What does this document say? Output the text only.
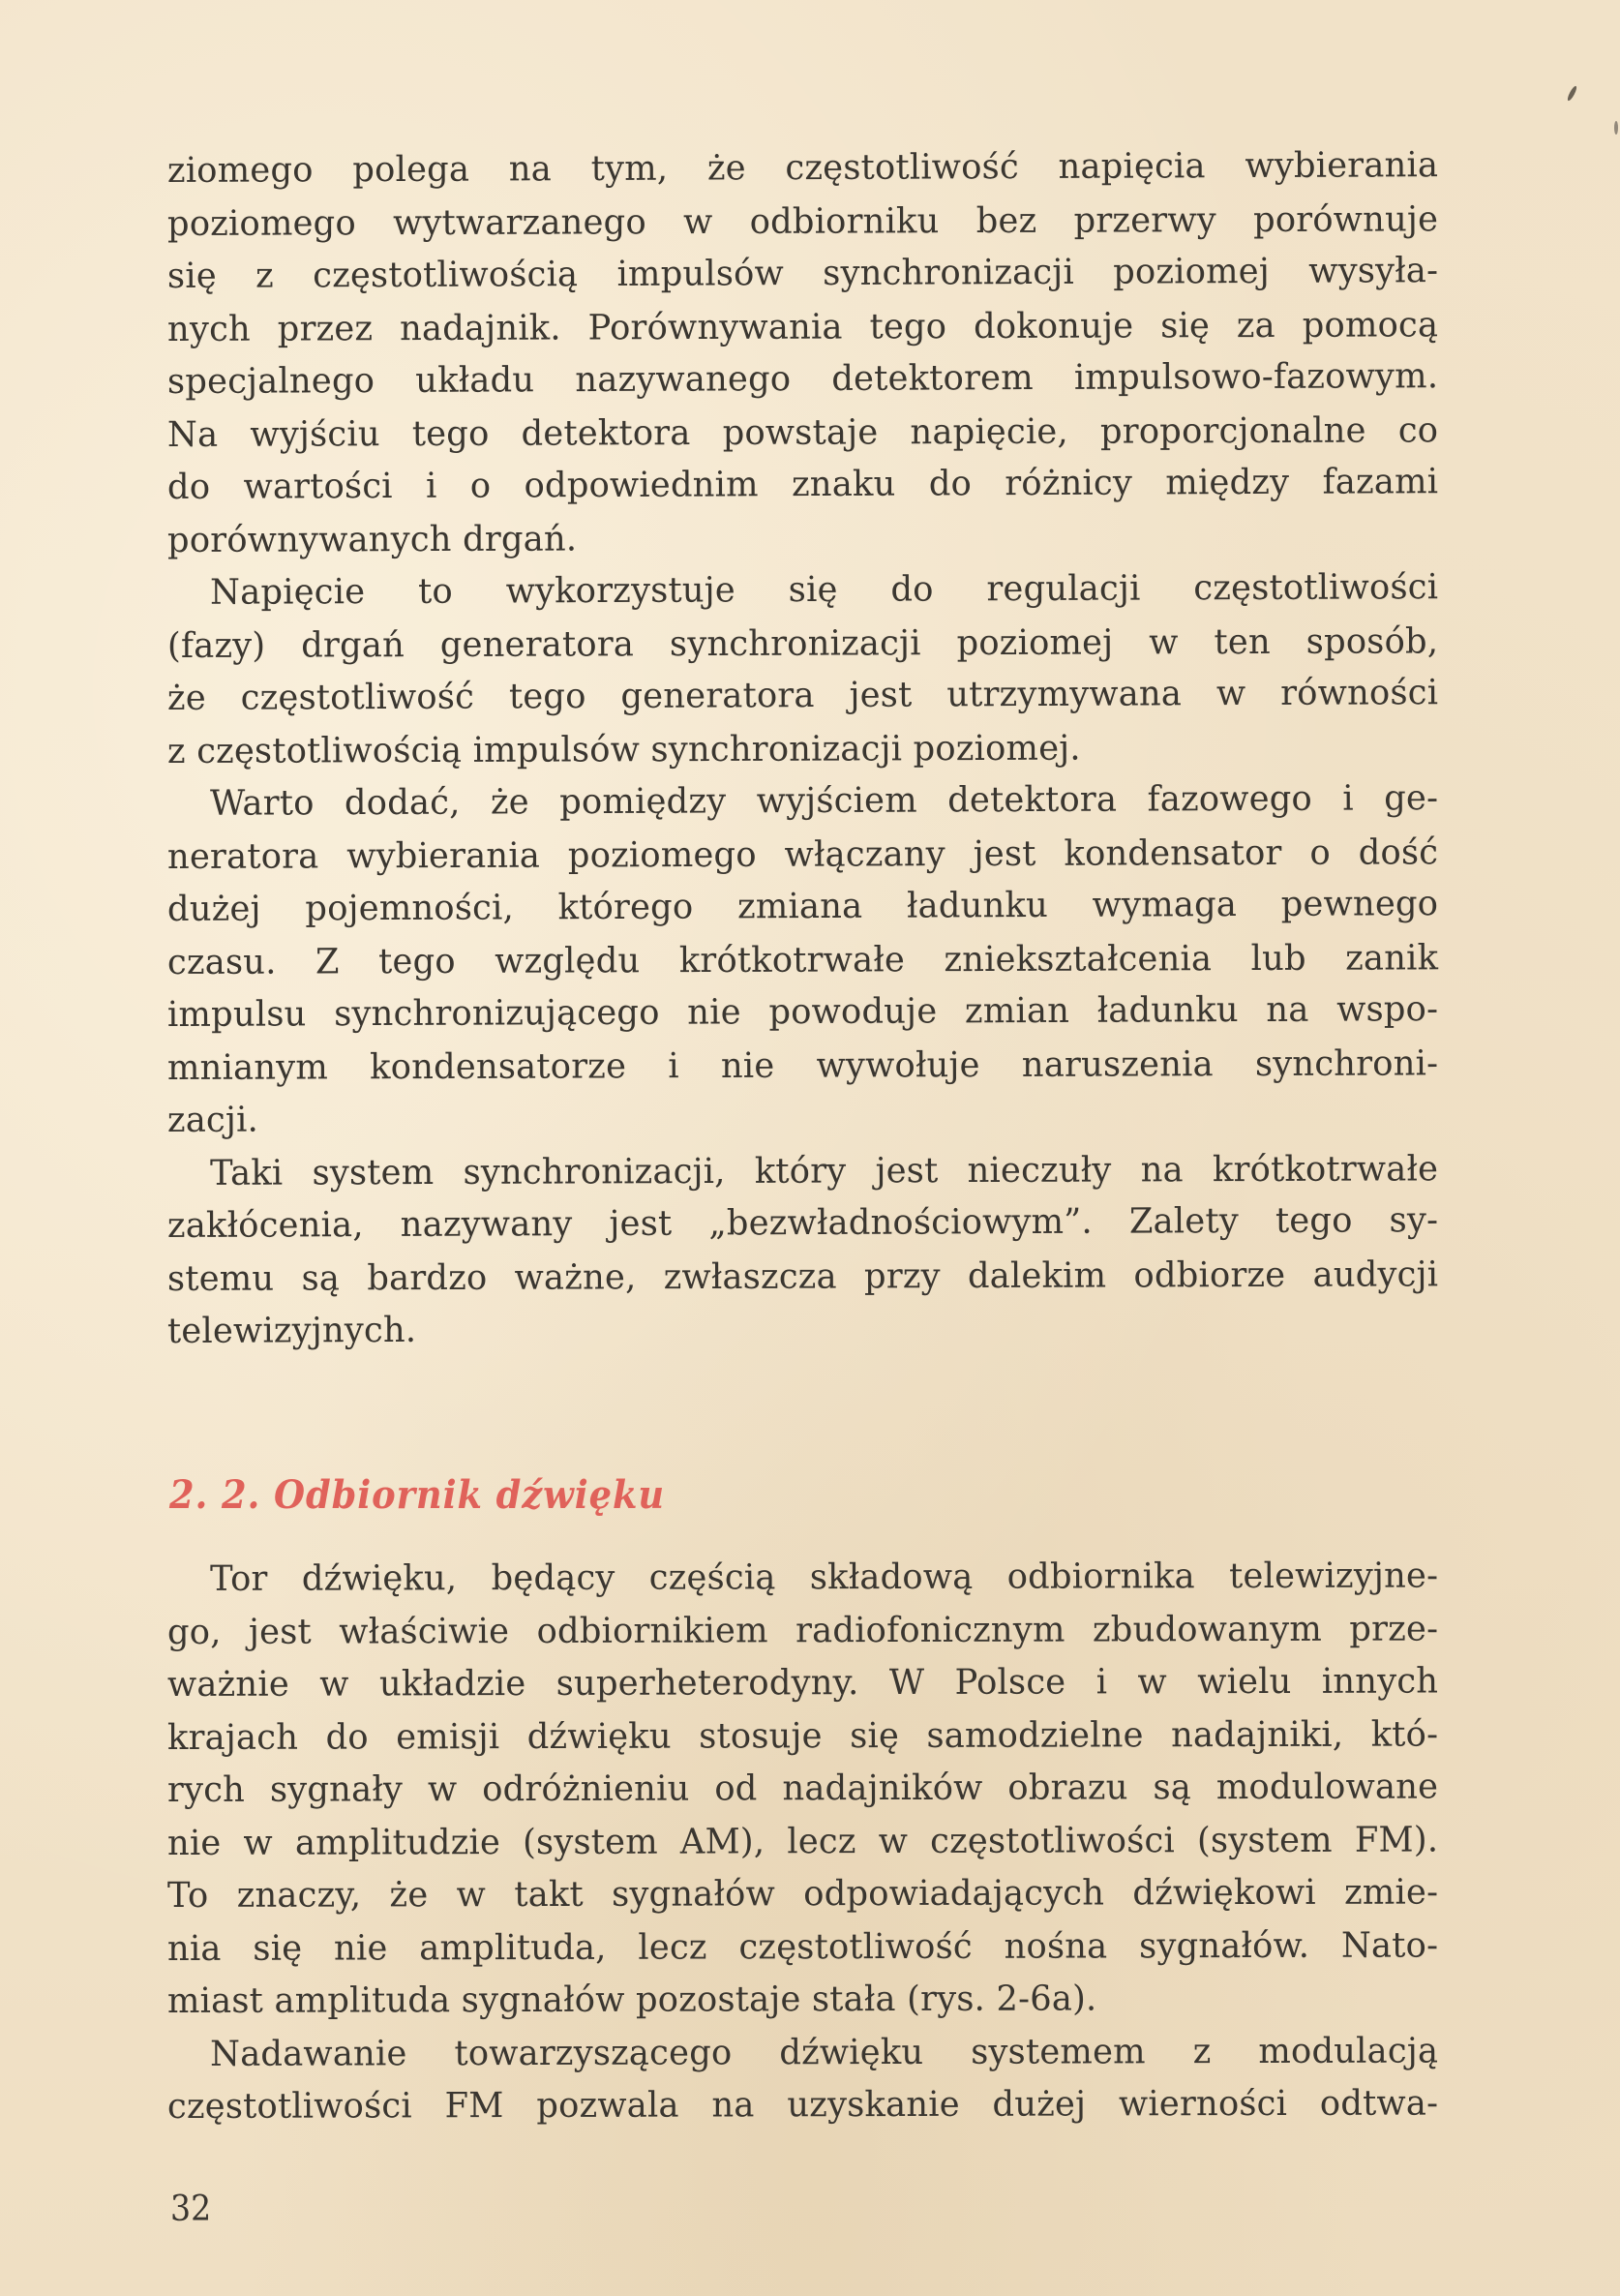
ziomego polega na tym, że częstotliwość napięcia wybierania
poziomego wytwarzanego w odbiorniku bez przerwy porównuje
się z częstotliwością impulsów synchronizacji poziomej wysyła-
nych przez nadajnik. Porównywania tego dokonuje się za pomocą
specjalnego układu nazywanego detektorem impulsowo-fazowym.
Na wyjściu tego detektora powstaje napięcie, proporcjonalne co
do wartości i o odpowiednim znaku do różnicy między fazami
porównywanych drgań.
Napięcie to wykorzystuje się do regulacji częstotliwości
(fazy) drgań generatora synchronizacji poziomej w ten sposób,
że częstotliwość tego generatora jest utrzymywana w równości
z częstotliwością impulsów synchronizacji poziomej.
Warto dodać, że pomiędzy wyjściem detektora fazowego i ge-
neratora wybierania poziomego włączany jest kondensator o dość
dużej pojemności, którego zmiana ładunku wymaga pewnego
czasu. Z tego względu krótkotrwałe zniekształcenia lub zanik
impulsu synchronizującego nie powoduje zmian ładunku na wspo-
mnianym kondensatorze i nie wywołuje naruszenia synchroni-
zacji.
Taki system synchronizacji, który jest nieczuły na krótkotrwałe
zakłócenia, nazywany jest „bezwładnościowym”. Zalety tego sy-
stemu są bardzo ważne, zwłaszcza przy dalekim odbiorze audycji
telewizyjnych.
2. 2. Odbiornik dźwięku
Tor dźwięku, będący częścią składową odbiornika telewizyjne-
go, jest właściwie odbiornikiem radiofonicznym zbudowanym prze-
ważnie w układzie superheterodyny. W Polsce i w wielu innych
krajach do emisji dźwięku stosuje się samodzielne nadajniki, któ-
rych sygnały w odróżnieniu od nadajników obrazu są modulowane
nie w amplitudzie (system AM), lecz w częstotliwości (system FM).
To znaczy, że w takt sygnałów odpowiadających dźwiękowi zmie-
nia się nie amplituda, lecz częstotliwość nośna sygnałów. Nato-
miast amplituda sygnałów pozostaje stała (rys. 2-6a).
Nadawanie towarzyszącego dźwięku systemem z modulacją
częstotliwości FM pozwala na uzyskanie dużej wierności odtwa-
32
